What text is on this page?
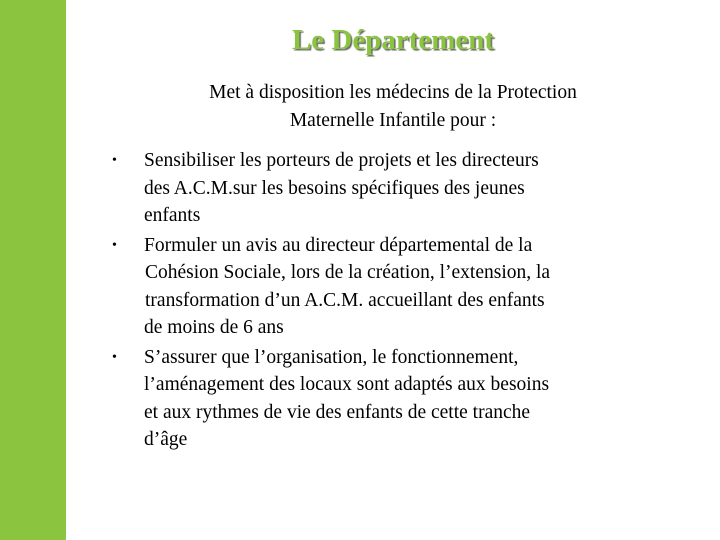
Le Département

Met à disposition les médecins de la Protection
Maternelle Infantile pour :

• Sensibiliser les porteurs de projets et les directeurs
des A.C.M.sur les besoins spécifiques des jeunes
enfants
• Formuler un avis au directeur départemental de la
Cohésion Sociale, lors de la création, l’extension, la
transformation d’un A.C.M. accueillant des enfants
de moins de 6 ans
• S’assurer que l’organisation, le fonctionnement,
l’aménagement des locaux sont adaptés aux besoins
et aux rythmes de vie des enfants de cette tranche
d’âge
